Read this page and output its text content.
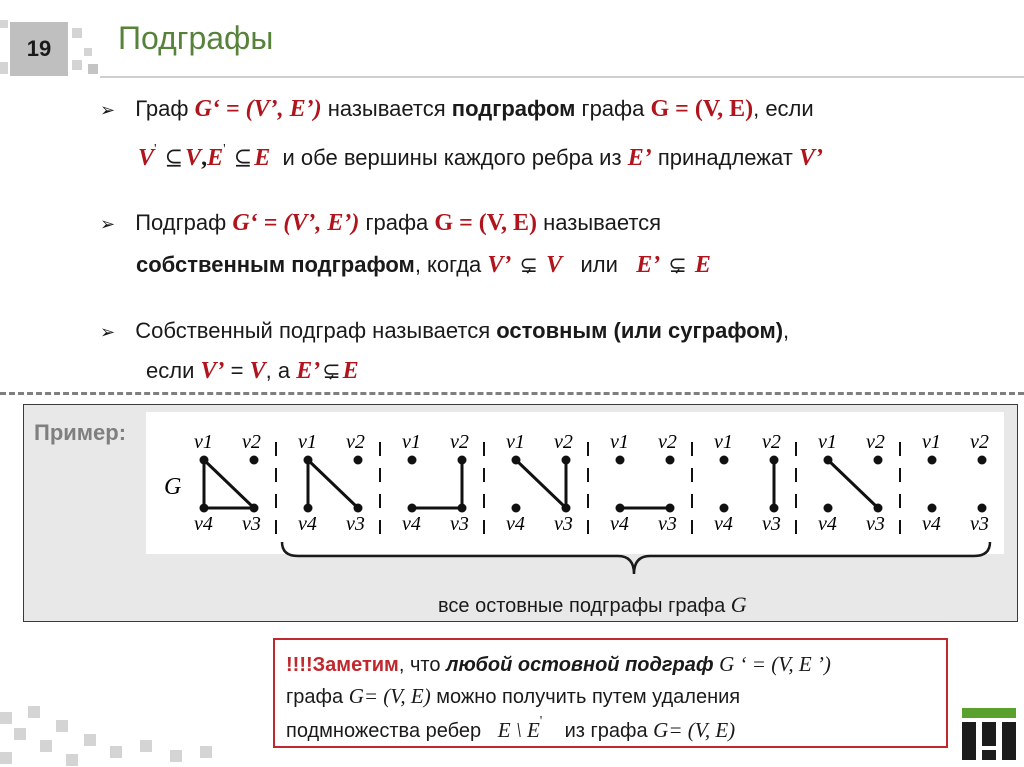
19	Подграфы
➢ Граф G‘ = (V’, E’) называется подграфом графа G = (V, E), если
V' ⊆V,E' ⊆E и обе вершины каждого ребра из E’ принадлежат V’
➢ Подграф G‘ = (V’, E’) графа G = (V, E) называется
собственным подграфом, когда V’ ⊊ V или E’ ⊊ E
➢ Собственный подграф называется остовным (или суграфом),
если V’ = V, а E’⊊E
Пример:
G
v1 v2
v4 v3
v1 v2
v4 v3
v1 v2
v4 v3
v1 v2
v4 v3
v1 v2
v4 v3
v1 v2
v4 v3
v1 v2
v4 v3
v1 v2
v4 v3
все остовные подграфы графа G
!!!!Заметим, что любой остовной подграф G ‘ = (V, E ’)
графа G= (V, E) можно получить путем удаления
подмножества ребер E \ E' из графа G= (V, E)
